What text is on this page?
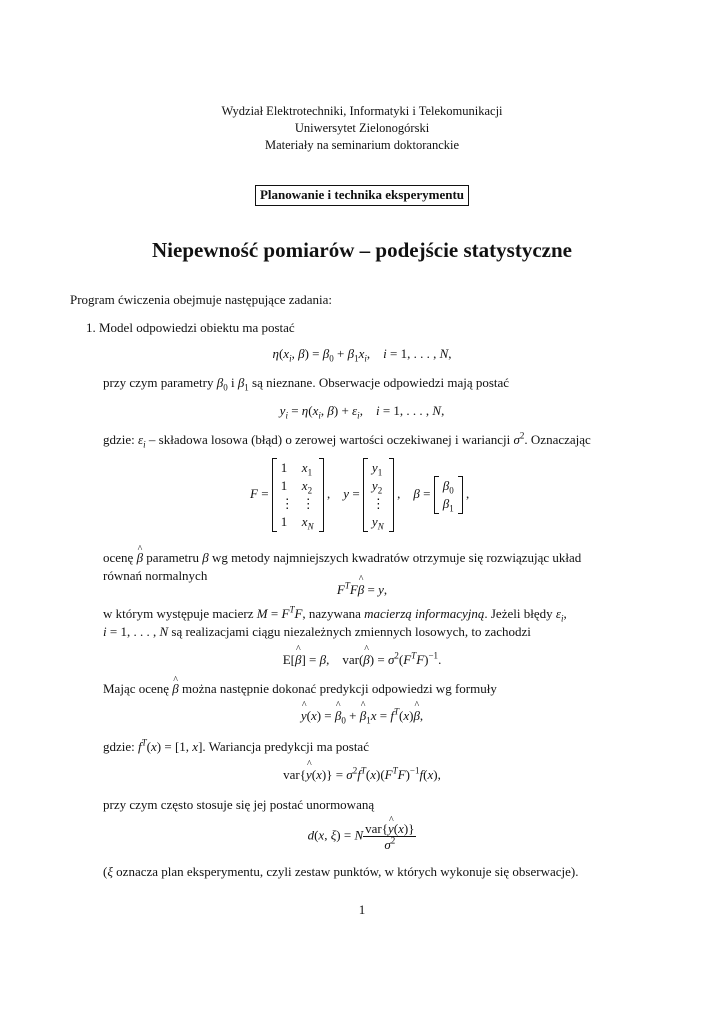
Wydział Elektrotechniki, Informatyki i Telekomunikacji
Uniwersytet Zielonogórski
Materiały na seminarium doktoranckie
Planowanie i technika eksperymentu
Niepewność pomiarów – podejście statystyczne
Program ćwiczenia obejmuje następujące zadania:
1. Model odpowiedzi obiektu ma postać
$\eta(x_i$, $\beta) = \beta_0 + \beta_1x_i$,    i = 1, . . . , N,
przy czym parametry $\beta_0$ i $\beta_1$ są nieznane. Obserwacje odpowiedzi mają postać
$y_i = \eta(x_i$, $\beta) + \varepsilon_i$,    i = 1, . . . , N,
gdzie: $\varepsilon_i$ – składowa losowa (błąd) o zerowej wartości oczekiwanej i wariancji $\sigma^2$. Oznaczając
F =
1	$x_1$
1	$x_2$
⋮	⋮
1	$x_N$
,    y =
$y_1$
$y_2$
⋮
$y_N$
,    β =
$\beta_0$
$\beta_1$
,
ocenę ^ β parametru β wg metody najmniejszych kwadratów otrzymuje się rozwiązując układ
równań normalnych
$F^TF\^{}$ β = y,
w którym występuje macierz $M = F^TF$, nazywana macierzą informacyjną. Jeżeli błędy $\varepsilon_i$,
i = 1, . . . , N są realizacjami ciągu niezależnych zmiennych losowych, to zachodzi
E[^ β] = β,    var(^ $\beta) = \sigma^2(F^TF)^{-1}$.
Mając ocenę ^ β można następnie dokonać predykcji odpowiedzi wg formuły
^ y(x) = ^ $\beta_0$ + ^ $\beta_1x$ = $f^T(x)\^{}$ β,
gdzie: $f^T(x) = [1$, x]. Wariancja predykcji ma postać
var{^ $y(x)\} = \sigma^2f^T(x)(F^TF)^{-1}f(x)$,
przy czym często stosuje się jej postać unormowaną
d(x, ξ) = N $\frac{\text{var\{\textasciicircum{} y(x)\}}}{\sigma^2}$
(ξ oznacza plan eksperymentu, czyli zestaw punktów, w których wykonuje się obserwacje).
1
